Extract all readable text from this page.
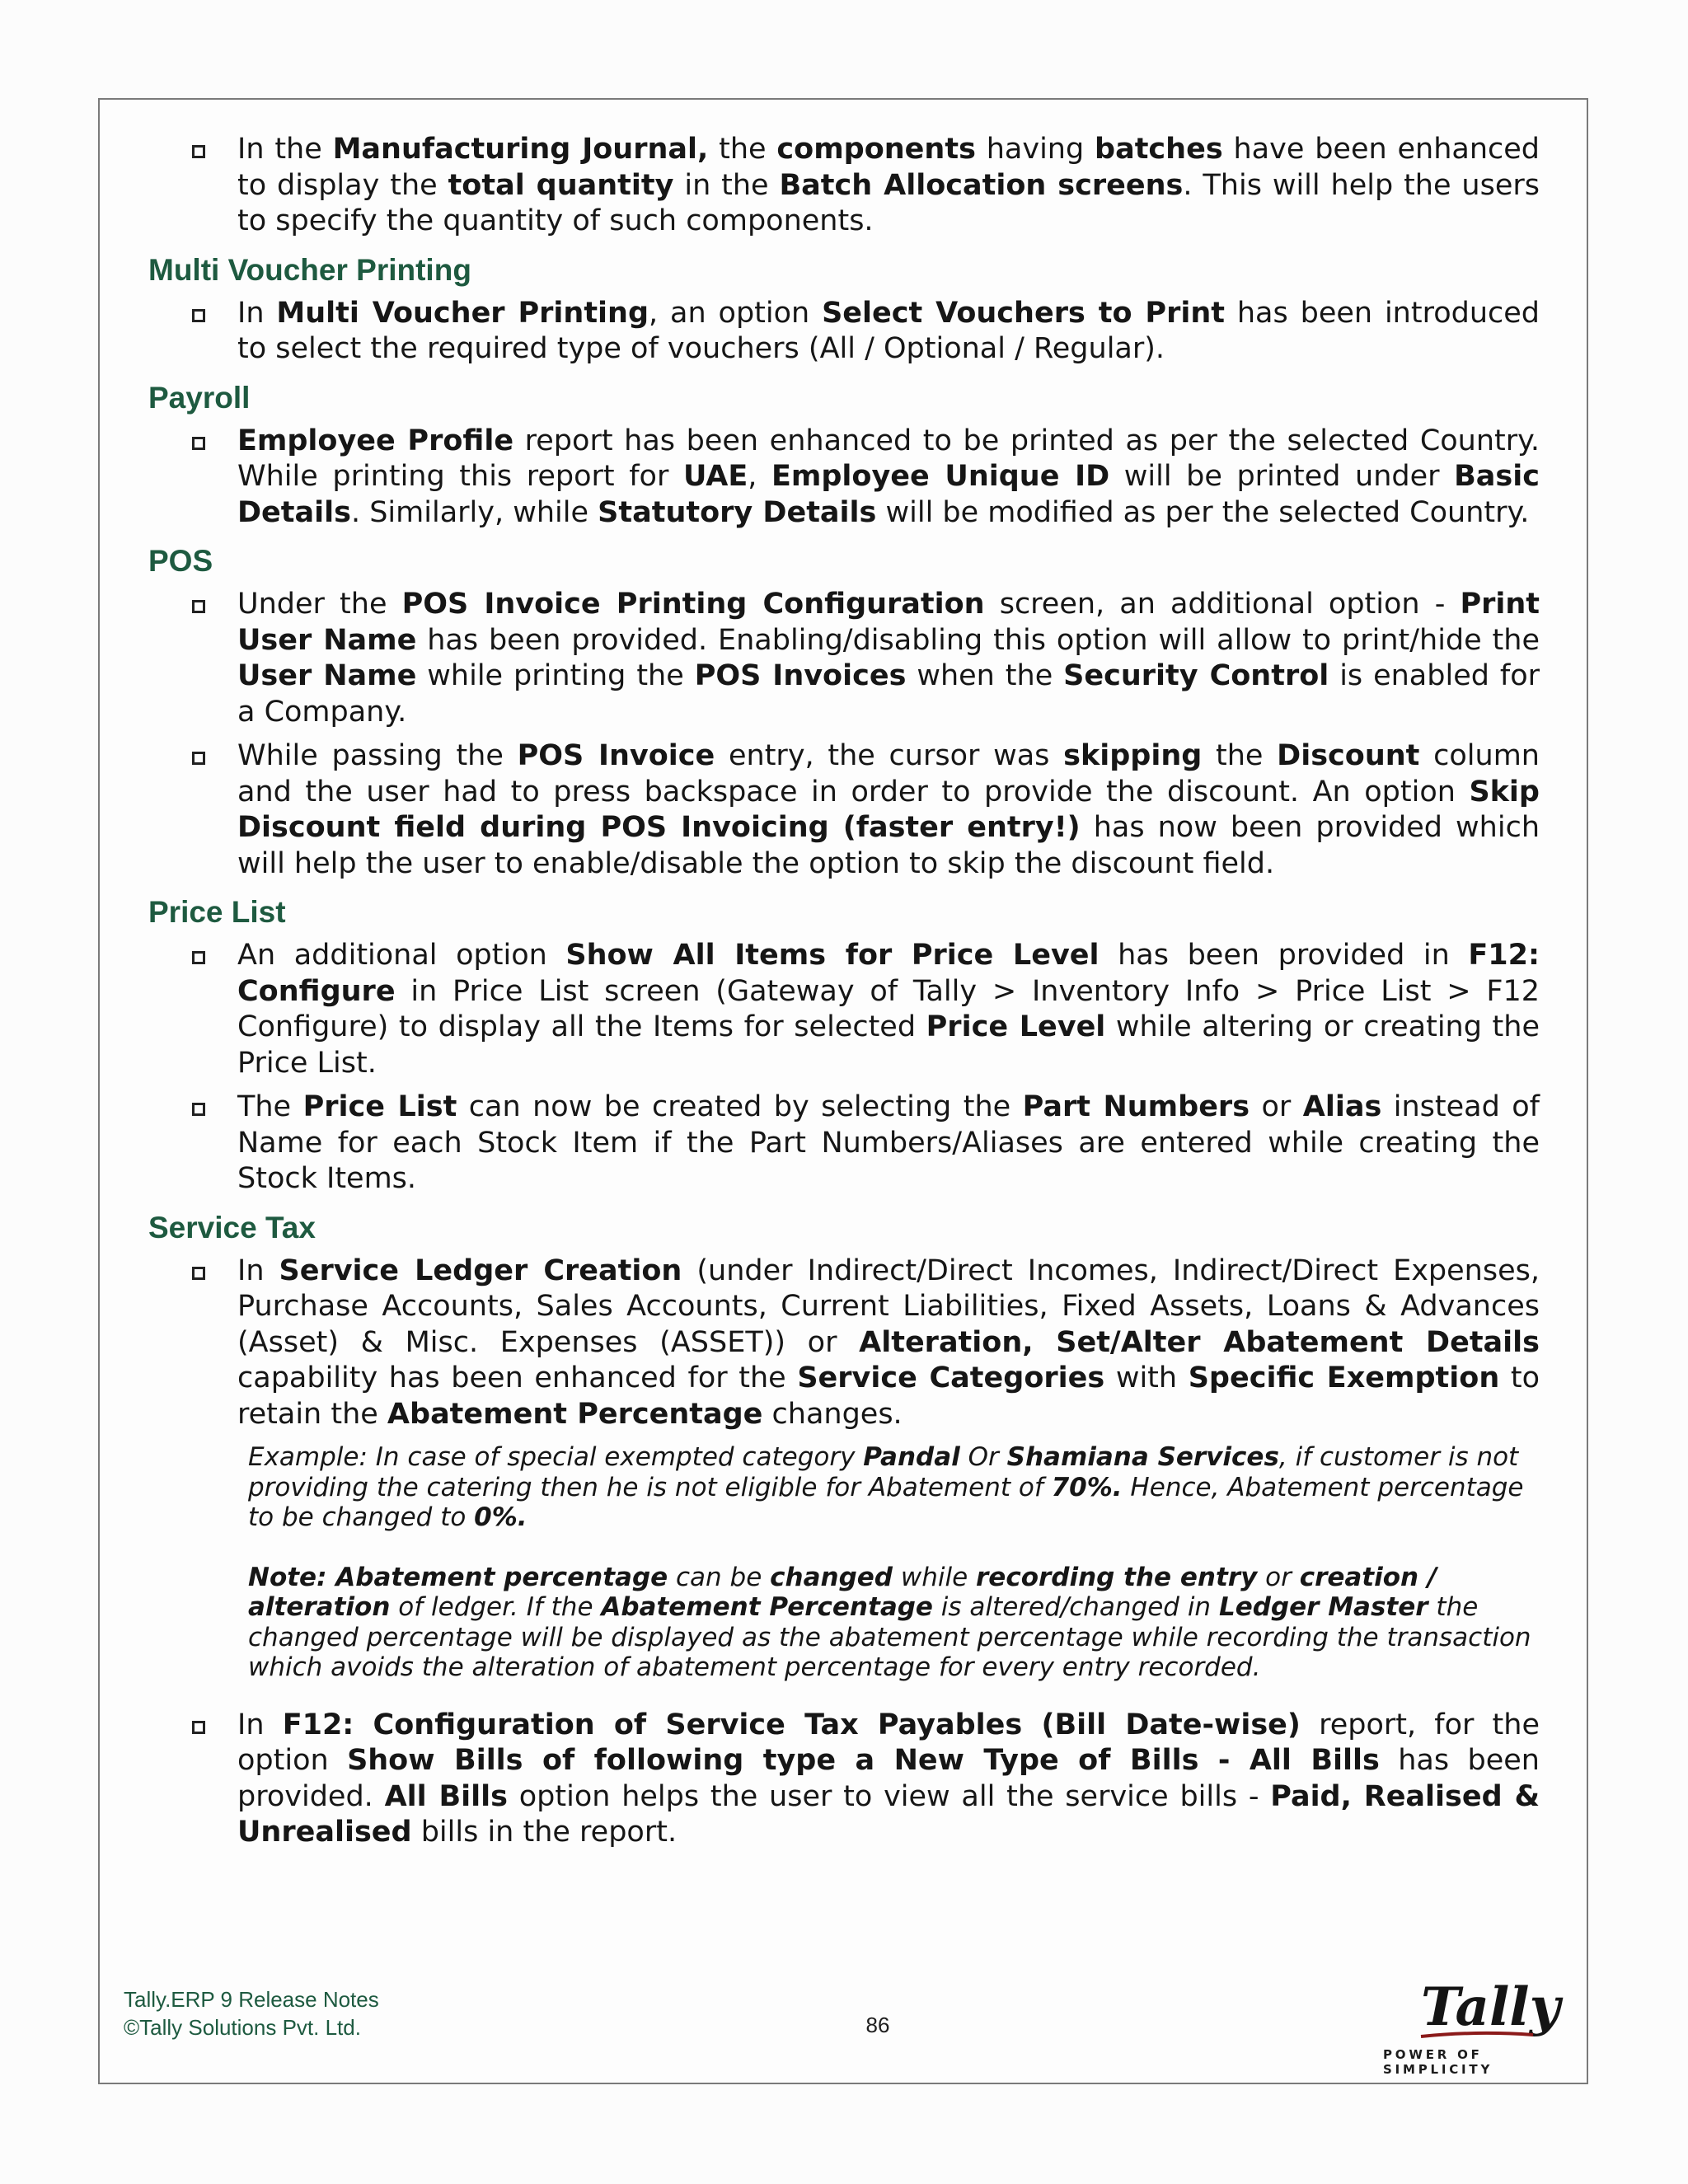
In the Manufacturing Journal, the components having batches have been enhanced to display the total quantity in the Batch Allocation screens. This will help the users to specify the quantity of such components.

Multi Voucher Printing

In Multi Voucher Printing, an option Select Vouchers to Print has been introduced to select the required type of vouchers (All / Optional / Regular).

Payroll

Employee Profile report has been enhanced to be printed as per the selected Country. While printing this report for UAE, Employee Unique ID will be printed under Basic Details. Similarly, while Statutory Details will be modified as per the selected Country.

POS

Under the POS Invoice Printing Configuration screen, an additional option - Print User Name has been provided. Enabling/disabling this option will allow to print/hide the User Name while printing the POS Invoices when the Security Control is enabled for a Company.

While passing the POS Invoice entry, the cursor was skipping the Discount column and the user had to press backspace in order to provide the discount. An option Skip Discount field during POS Invoicing (faster entry!) has now been provided which will help the user to enable/disable the option to skip the discount field.

Price List

An additional option Show All Items for Price Level has been provided in F12: Configure in Price List screen (Gateway of Tally > Inventory Info > Price List > F12 Configure) to display all the Items for selected Price Level while altering or creating the Price List.

The Price List can now be created by selecting the Part Numbers or Alias instead of Name for each Stock Item if the Part Numbers/Aliases are entered while creating the Stock Items.

Service Tax

In Service Ledger Creation (under Indirect/Direct Incomes, Indirect/Direct Expenses, Purchase Accounts, Sales Accounts, Current Liabilities, Fixed Assets, Loans & Advances (Asset) & Misc. Expenses (ASSET)) or Alteration, Set/Alter Abatement Details capability has been enhanced for the Service Categories with Specific Exemption to retain the Abatement Percentage changes.

Example: In case of special exempted category Pandal Or Shamiana Services, if customer is not providing the catering then he is not eligible for Abatement of 70%. Hence, Abatement percentage to be changed to 0%.

Note: Abatement percentage can be changed while recording the entry or creation / alteration of ledger. If the Abatement Percentage is altered/changed in Ledger Master the changed percentage will be displayed as the abatement percentage while recording the transaction which avoids the alteration of abatement percentage for every entry recorded.

In F12: Configuration of Service Tax Payables (Bill Date-wise) report, for the option Show Bills of following type a New Type of Bills - All Bills has been provided. All Bills option helps the user to view all the service bills - Paid, Realised & Unrealised bills in the report.

Tally.ERP 9 Release Notes
©Tally Solutions Pvt. Ltd.	86	Tally
POWER OF SIMPLICITY
